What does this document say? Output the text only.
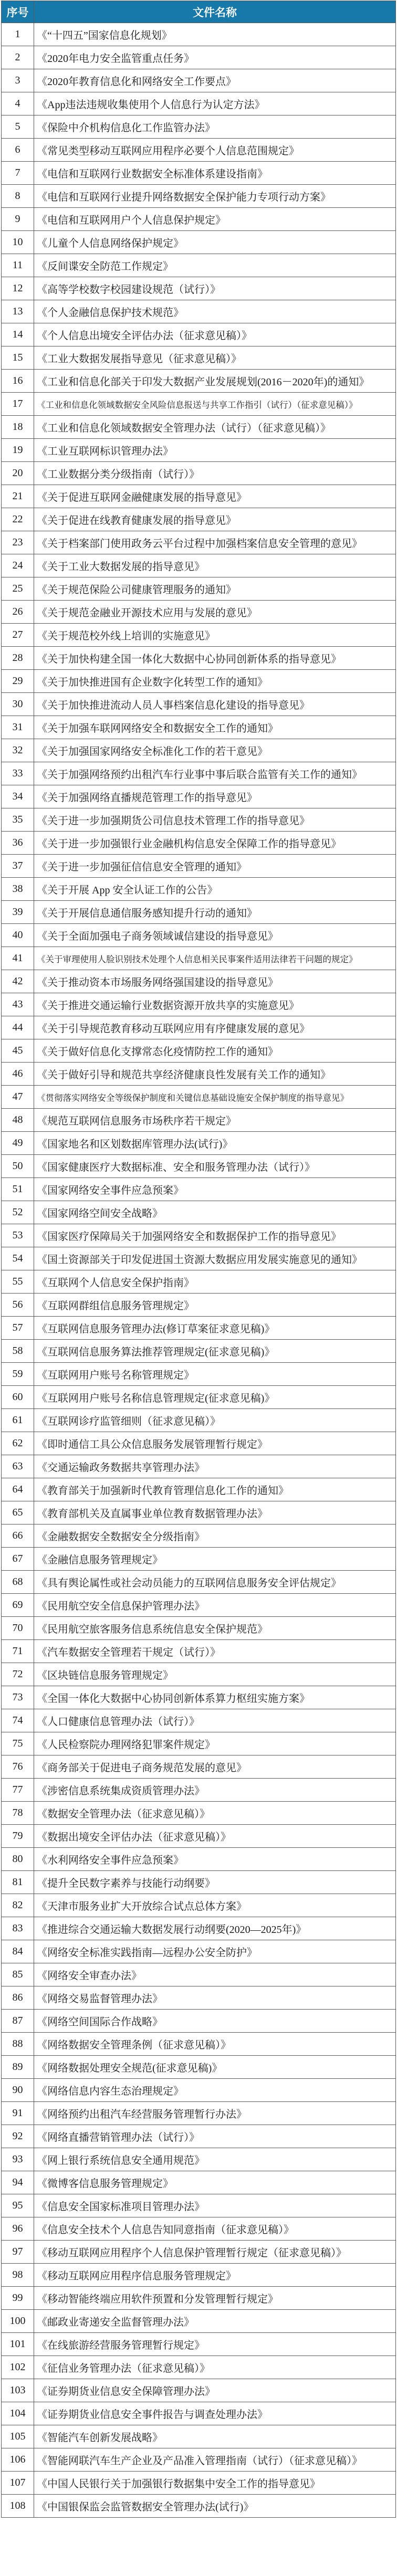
序号	文件名称
1	《“十四五”国家信息化规划》
2	《2020年电力安全监管重点任务》
3	《2020年教育信息化和网络安全工作要点》
4	《App违法违规收集使用个人信息行为认定方法》
5	《保险中介机构信息化工作监管办法》
6	《常见类型移动互联网应用程序必要个人信息范围规定》
7	《电信和互联网行业数据安全标准体系建设指南》
8	《电信和互联网行业提升网络数据安全保护能力专项行动方案》
9	《电信和互联网用户个人信息保护规定》
10	《儿童个人信息网络保护规定》
11	《反间谍安全防范工作规定》
12	《高等学校数字校园建设规范（试行）》
13	《个人金融信息保护技术规范》
14	《个人信息出境安全评估办法（征求意见稿）》
15	《工业大数据发展指导意见（征求意见稿）》
16	《工业和信息化部关于印发大数据产业发展规划(2016－2020年)的通知》
17	《工业和信息化领域数据安全风险信息报送与共享工作指引（试行）（征求意见稿）》
18	《工业和信息化领域数据安全管理办法（试行）（征求意见稿）》
19	《工业互联网标识管理办法》
20	《工业数据分类分级指南（试行）》
21	《关于促进互联网金融健康发展的指导意见》
22	《关于促进在线教育健康发展的指导意见》
23	《关于档案部门使用政务云平台过程中加强档案信息安全管理的意见》
24	《关于工业大数据发展的指导意见》
25	《关于规范保险公司健康管理服务的通知》
26	《关于规范金融业开源技术应用与发展的意见》
27	《关于规范校外线上培训的实施意见》
28	《关于加快构建全国一体化大数据中心协同创新体系的指导意见》
29	《关于加快推进国有企业数字化转型工作的通知》
30	《关于加快推进流动人员人事档案信息化建设的指导意见》
31	《关于加强车联网网络安全和数据安全工作的通知》
32	《关于加强国家网络安全标准化工作的若干意见》
33	《关于加强网络预约出租汽车行业事中事后联合监管有关工作的通知》
34	《关于加强网络直播规范管理工作的指导意见》
35	《关于进一步加强期货公司信息技术管理工作的指导意见》
36	《关于进一步加强银行业金融机构信息安全保障工作的指导意见》
37	《关于进一步加强征信信息安全管理的通知》
38	《关于开展 App 安全认证工作的公告》
39	《关于开展信息通信服务感知提升行动的通知》
40	《关于全面加强电子商务领域诚信建设的指导意见》
41	《关于审理使用人脸识别技术处理个人信息相关民事案件适用法律若干问题的规定》
42	《关于推动资本市场服务网络强国建设的指导意见》
43	《关于推进交通运输行业数据资源开放共享的实施意见》
44	《关于引导规范教育移动互联网应用有序健康发展的意见》
45	《关于做好信息化支撑常态化疫情防控工作的通知》
46	《关于做好引导和规范共享经济健康良性发展有关工作的通知》
47	《贯彻落实网络安全等级保护制度和关键信息基础设施安全保护制度的指导意见》
48	《规范互联网信息服务市场秩序若干规定》
49	《国家地名和区划数据库管理办法(试行)》
50	《国家健康医疗大数据标准、安全和服务管理办法（试行）》
51	《国家网络安全事件应急预案》
52	《国家网络空间安全战略》
53	《国家医疗保障局关于加强网络安全和数据保护工作的指导意见》
54	《国土资源部关于印发促进国土资源大数据应用发展实施意见的通知》
55	《互联网个人信息安全保护指南》
56	《互联网群组信息服务管理规定》
57	《互联网信息服务管理办法(修订草案征求意见稿)》
58	《互联网信息服务算法推荐管理规定(征求意见稿)》
59	《互联网用户账号名称管理规定》
60	《互联网用户账号名称信息管理规定(征求意见稿)》
61	《互联网诊疗监管细则（征求意见稿）》
62	《即时通信工具公众信息服务发展管理暂行规定》
63	《交通运输政务数据共享管理办法》
64	《教育部关于加强新时代教育管理信息化工作的通知》
65	《教育部机关及直属事业单位教育数据管理办法》
66	《金融数据安全数据安全分级指南》
67	《金融信息服务管理规定》
68	《具有舆论属性或社会动员能力的互联网信息服务安全评估规定》
69	《民用航空安全信息保护管理办法》
70	《民用航空旅客服务信息系统信息安全保护规范》
71	《汽车数据安全管理若干规定（试行）》
72	《区块链信息服务管理规定》
73	《全国一体化大数据中心协同创新体系算力枢纽实施方案》
74	《人口健康信息管理办法（试行）》
75	《人民检察院办理网络犯罪案件规定》
76	《商务部关于促进电子商务规范发展的意见》
77	《涉密信息系统集成资质管理办法》
78	《数据安全管理办法（征求意见稿）》
79	《数据出境安全评估办法（征求意见稿）》
80	《水利网络安全事件应急预案》
81	《提升全民数字素养与技能行动纲要》
82	《天津市服务业扩大开放综合试点总体方案》
83	《推进综合交通运输大数据发展行动纲要(2020—2025年)》
84	《网络安全标准实践指南—远程办公安全防护》
85	《网络安全审查办法》
86	《网络交易监督管理办法》
87	《网络空间国际合作战略》
88	《网络数据安全管理条例（征求意见稿）》
89	《网络数据处理安全规范(征求意见稿)》
90	《网络信息内容生态治理规定》
91	《网络预约出租汽车经营服务管理暂行办法》
92	《网络直播营销管理办法（试行）》
93	《网上银行系统信息安全通用规范》
94	《微博客信息服务管理规定》
95	《信息安全国家标准项目管理办法》
96	《信息安全技术个人信息告知同意指南（征求意见稿）》
97	《移动互联网应用程序个人信息保护管理暂行规定（征求意见稿）》
98	《移动互联网应用程序信息服务管理规定》
99	《移动智能终端应用软件预置和分发管理暂行规定》
100	《邮政业寄递安全监督管理办法》
101	《在线旅游经营服务管理暂行规定》
102	《征信业务管理办法（征求意见稿）》
103	《证券期货业信息安全保障管理办法》
104	《证券期货业信息安全事件报告与调查处理办法》
105	《智能汽车创新发展战略》
106	《智能网联汽车生产企业及产品准入管理指南（试行）（征求意见稿）》
107	《中国人民银行关于加强银行数据集中安全工作的指导意见》
108	《中国银保监会监管数据安全管理办法(试行)》
